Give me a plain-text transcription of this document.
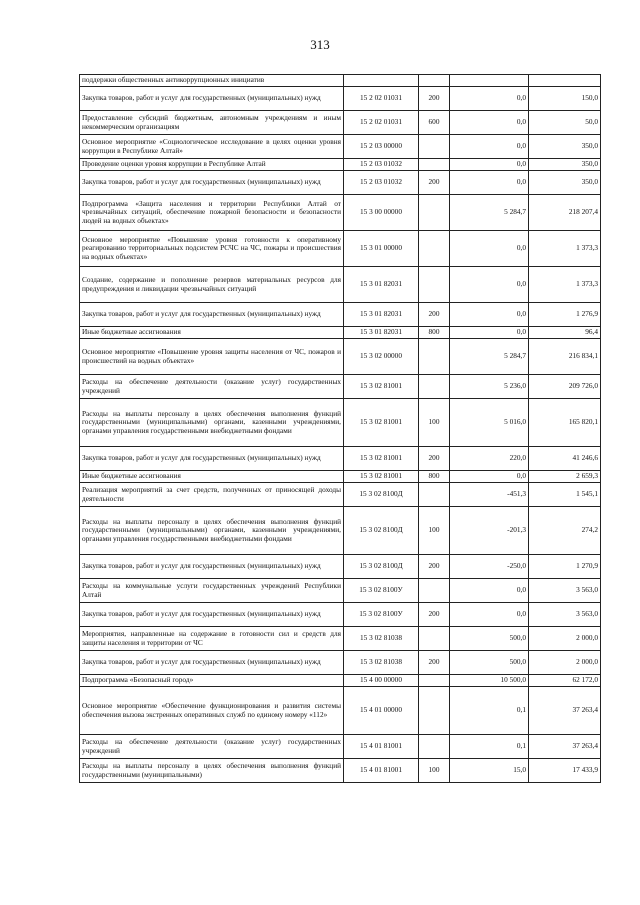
313
поддержки общественных антикоррупционных инициатив				
Закупка товаров, работ и услуг для государственных (муниципальных) нужд	15 2 02 01031	200	0,0	150,0
Предоставление субсидий бюджетным, автономным учреждениям и иным некоммерческим организациям	15 2 02 01031	600	0,0	50,0
Основное мероприятие «Социологическое исследование в целях оценки уровня коррупции в Республике Алтай»	15 2 03 00000		0,0	350,0
Проведение оценки уровня коррупции в Республике Алтай	15 2 03 01032		0,0	350,0
Закупка товаров, работ и услуг для государственных (муниципальных) нужд	15 2 03 01032	200	0,0	350,0
Подпрограмма «Защита населения и территории Республики Алтай от чрезвычайных ситуаций, обеспечение пожарной безопасности и безопасности людей на водных объектах»	15 3 00 00000		5 284,7	218 207,4
Основное мероприятие «Повышение уровня готовности к оперативному реагированию территориальных подсистем РСЧС на ЧС, пожары и происшествия на водных объектах»	15 3 01 00000		0,0	1 373,3
Создание, содержание и пополнение резервов материальных ресурсов для предупреждения и ликвидации чрезвычайных ситуаций	15 3 01 82031		0,0	1 373,3
Закупка товаров, работ и услуг для государственных (муниципальных) нужд	15 3 01 82031	200	0,0	1 276,9
Иные бюджетные ассигнования	15 3 01 82031	800	0,0	96,4
Основное мероприятие «Повышение уровня защиты населения от ЧС, пожаров и происшествий на водных объектах»	15 3 02 00000		5 284,7	216 834,1
Расходы на обеспечение деятельности (оказание услуг) государственных учреждений	15 3 02 81001		5 236,0	209 726,0
Расходы на выплаты персоналу в целях обеспечения выполнения функций государственными (муниципальными) органами, казенными учреждениями, органами управления государственными внебюджетными фондами	15 3 02 81001	100	5 016,0	165 820,1
Закупка товаров, работ и услуг для государственных (муниципальных) нужд	15 3 02 81001	200	220,0	41 246,6
Иные бюджетные ассигнования	15 3 02 81001	800	0,0	2 659,3
Реализация мероприятий за счет средств, полученных от приносящей доходы деятельности	15 3 02 8100Д		-451,3	1 545,1
Расходы на выплаты персоналу в целях обеспечения выполнения функций государственными (муниципальными) органами, казенными учреждениями, органами управления государственными внебюджетными фондами	15 3 02 8100Д	100	-201,3	274,2
Закупка товаров, работ и услуг для государственных (муниципальных) нужд	15 3 02 8100Д	200	-250,0	1 270,9
Расходы на коммунальные услуги государственных учреждений Республики Алтай	15 3 02 8100У		0,0	3 563,0
Закупка товаров, работ и услуг для государственных (муниципальных) нужд	15 3 02 8100У	200	0,0	3 563,0
Мероприятия, направленные на содержание в готовности сил и средств для защиты населения и территории от ЧС	15 3 02 81038		500,0	2 000,0
Закупка товаров, работ и услуг для государственных (муниципальных) нужд	15 3 02 81038	200	500,0	2 000,0
Подпрограмма «Безопасный город»	15 4 00 00000		10 500,0	62 172,0
Основное мероприятие «Обеспечение функционирования и развития системы обеспечения вызова экстренных оперативных служб по единому номеру «112»	15 4 01 00000		0,1	37 263,4
Расходы на обеспечение деятельности (оказание услуг) государственных учреждений	15 4 01 81001		0,1	37 263,4
Расходы на выплаты персоналу в целях обеспечения выполнения функций государственными (муниципальными)	15 4 01 81001	100	15,0	17 433,9
